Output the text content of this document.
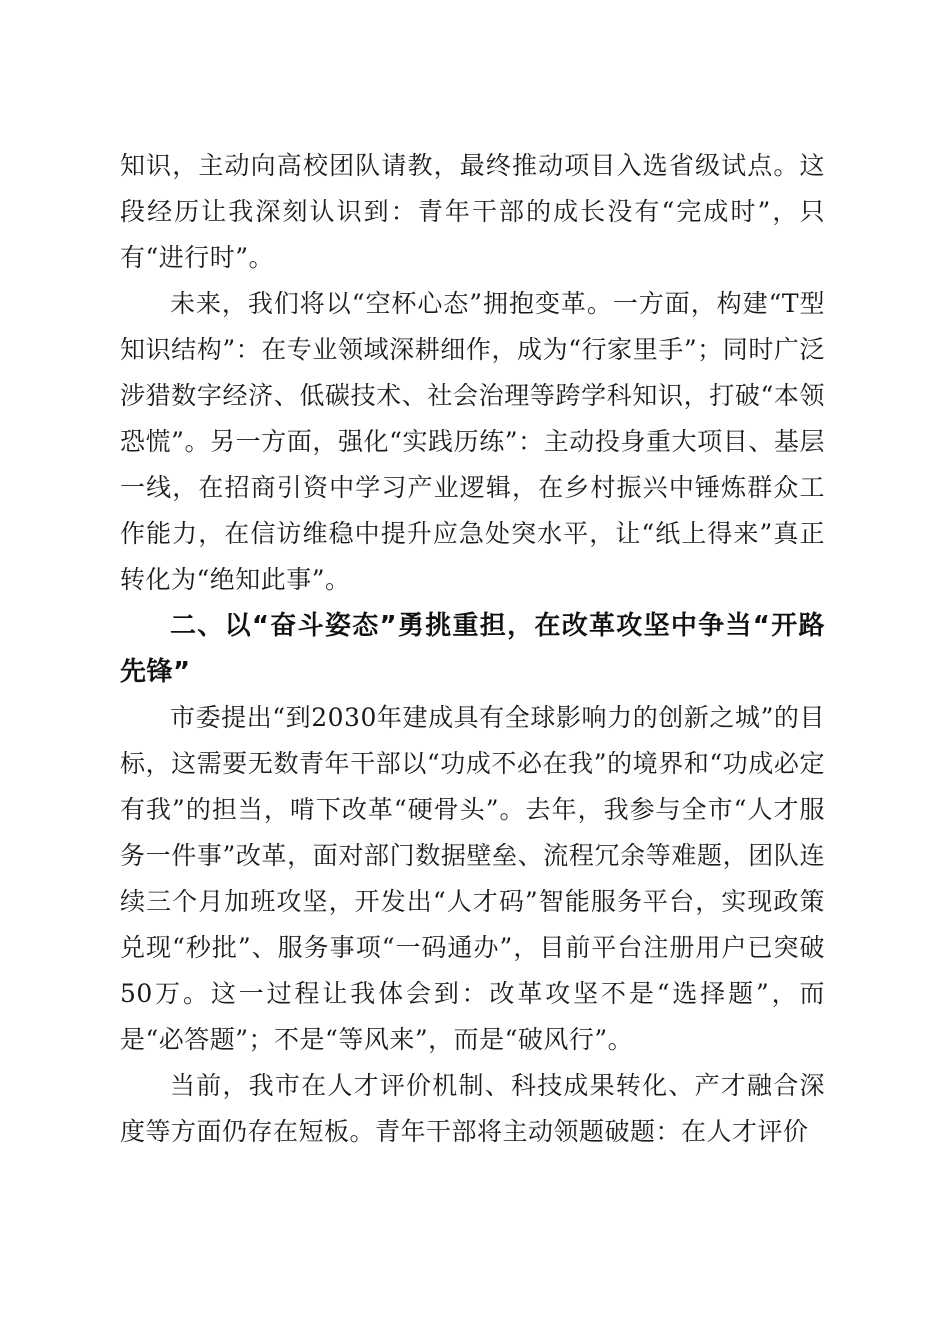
知识，主动向高校团队请教，最终推动项目入选省级试点。这段经历让我深刻认识到：青年干部的成长没有“完成时”，只有“进行时”。

未来，我们将以“空杯心态”拥抱变革。一方面，构建“T型知识结构”：在专业领域深耕细作，成为“行家里手”；同时广泛涉猎数字经济、低碳技术、社会治理等跨学科知识，打破“本领恐慌”。另一方面，强化“实践历练”：主动投身重大项目、基层一线，在招商引资中学习产业逻辑，在乡村振兴中锤炼群众工作能力，在信访维稳中提升应急处突水平，让“纸上得来”真正转化为“绝知此事”。

二、以“奋斗姿态”勇挑重担，在改革攻坚中争当“开路先锋”

市委提出“到2030年建成具有全球影响力的创新之城”的目标，这需要无数青年干部以“功成不必在我”的境界和“功成必定有我”的担当，啃下改革“硬骨头”。去年，我参与全市“人才服务一件事”改革，面对部门数据壁垒、流程冗余等难题，团队连续三个月加班攻坚，开发出“人才码”智能服务平台，实现政策兑现“秒批”、服务事项“一码通办”，目前平台注册用户已突破50万。这一过程让我体会到：改革攻坚不是“选择题”，而是“必答题”；不是“等风来”，而是“破风行”。

当前，我市在人才评价机制、科技成果转化、产才融合深度等方面仍存在短板。青年干部将主动领题破题：在人才评价
